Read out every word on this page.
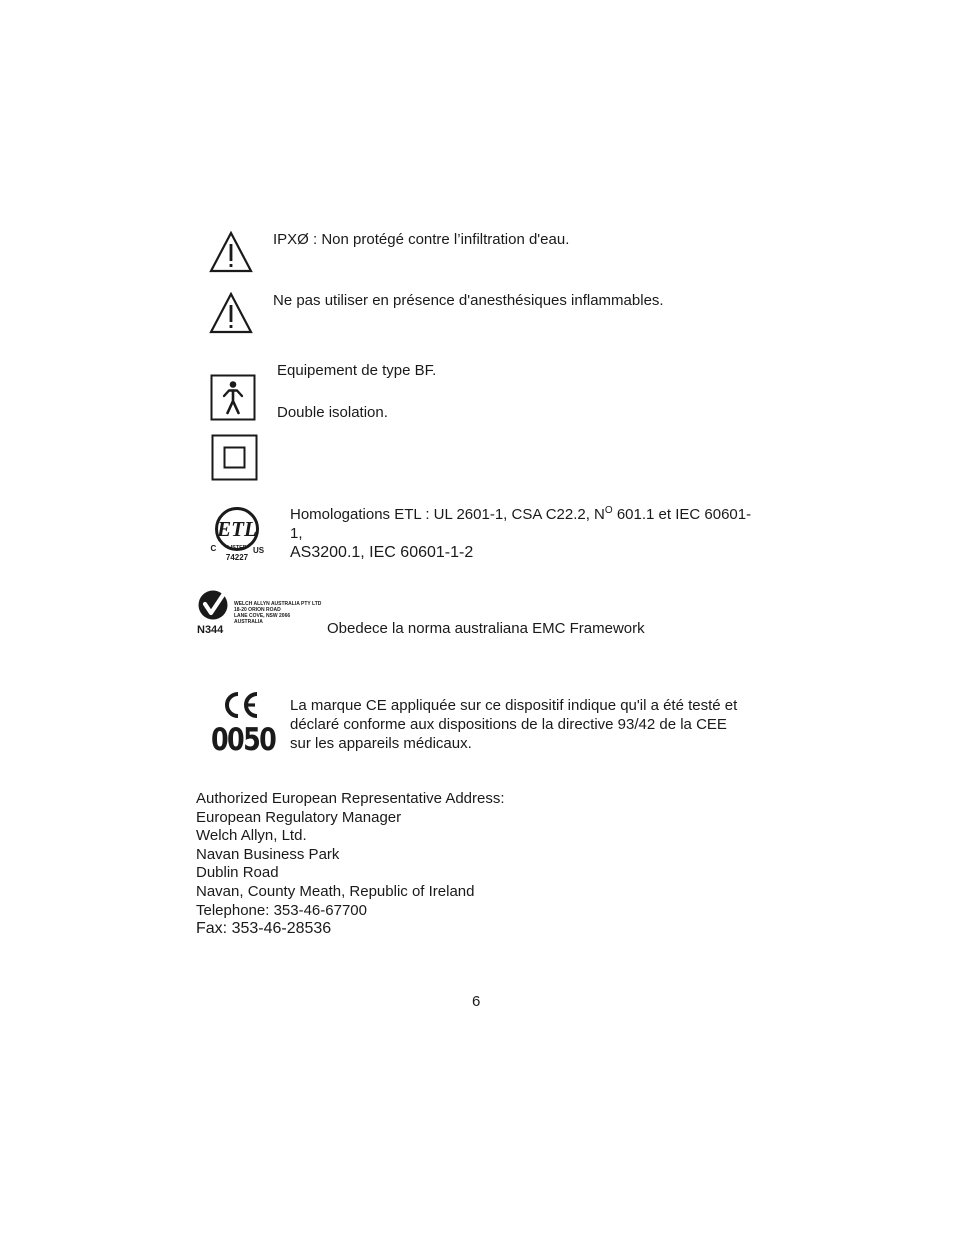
IPXØ : Non protégé contre l’infiltration d'eau.
Ne pas utiliser en présence d'anesthésiques inflammables.
Equipement de type BF.
Double isolation.
ETL
C	US
LISTED
74227
Homologations ETL : UL 2601-1, CSA C22.2, $N^O$ 601.1 et IEC 60601-
1,
AS3200.1, IEC 60601-1-2
N344
WELCH ALLYN AUSTRALIA PTY LTD
18-20 ORION ROAD
LANE COVE, NSW 2066
AUSTRALIA	Obedece la norma australiana EMC Framework
0050
La marque CE appliquée sur ce dispositif indique qu'il a été testé et
déclaré conforme aux dispositions de la directive 93/42 de la CEE
sur les appareils médicaux.
Authorized European Representative Address:
European Regulatory Manager
Welch Allyn, Ltd.
Navan Business Park
Dublin Road
Navan, County Meath, Republic of Ireland
Telephone: 353-46-67700
Fax: 353-46-28536
6
